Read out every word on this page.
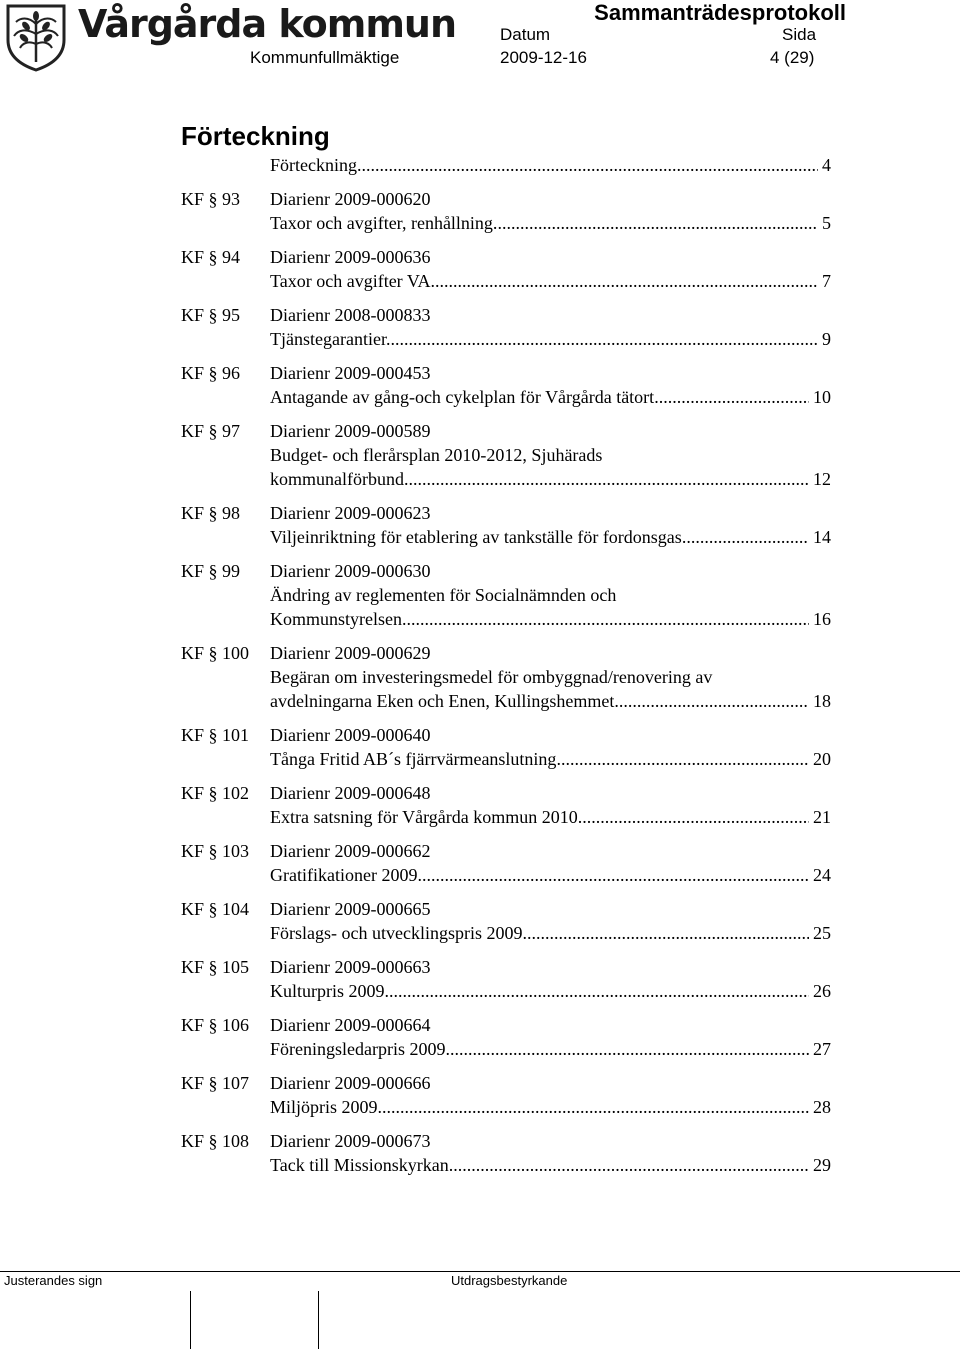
Vårgårda kommun
Kommunfullmäktige
Sammanträdesprotokoll
Datum	Sida
2009-12-16	4 (29)
Förteckning
Förteckning .....	4
KF § 93 Diarienr 2009-000620
Taxor och avgifter, renhållning. .....	5
KF § 94 Diarienr 2009-000636
Taxor och avgifter VA .....	7
KF § 95 Diarienr 2008-000833
Tjänstegarantier. .....	9
KF § 96 Diarienr 2009-000453
Antagande av gång-och cykelplan för Vårgårda tätort .....	10
KF § 97 Diarienr 2009-000589
Budget- och flerårsplan 2010-2012, Sjuhärads
kommunalförbund .....	12
KF § 98 Diarienr 2009-000623
Viljeinriktning för etablering av tankställe för fordonsgas .....	14
KF § 99 Diarienr 2009-000630
Ändring av reglementen för Socialnämnden och
Kommunstyrelsen .....	16
KF § 100 Diarienr 2009-000629
Begäran om investeringsmedel för ombyggnad/renovering av
avdelningarna Eken och Enen, Kullingshemmet .....	18
KF § 101 Diarienr 2009-000640
Tånga Fritid AB´s fjärrvärmeanslutning .....	20
KF § 102 Diarienr 2009-000648
Extra satsning för Vårgårda kommun 2010 .....	21
KF § 103 Diarienr 2009-000662
Gratifikationer 2009 .....	24
KF § 104 Diarienr 2009-000665
Förslags- och utvecklingspris 2009 .....	25
KF § 105 Diarienr 2009-000663
Kulturpris 2009 .....	26
KF § 106 Diarienr 2009-000664
Föreningsledarpris 2009 .....	27
KF § 107 Diarienr 2009-000666
Miljöpris 2009 .....	28
KF § 108 Diarienr 2009-000673
Tack till Missionskyrkan .....	29
Justerandes sign	Utdragsbestyrkande
